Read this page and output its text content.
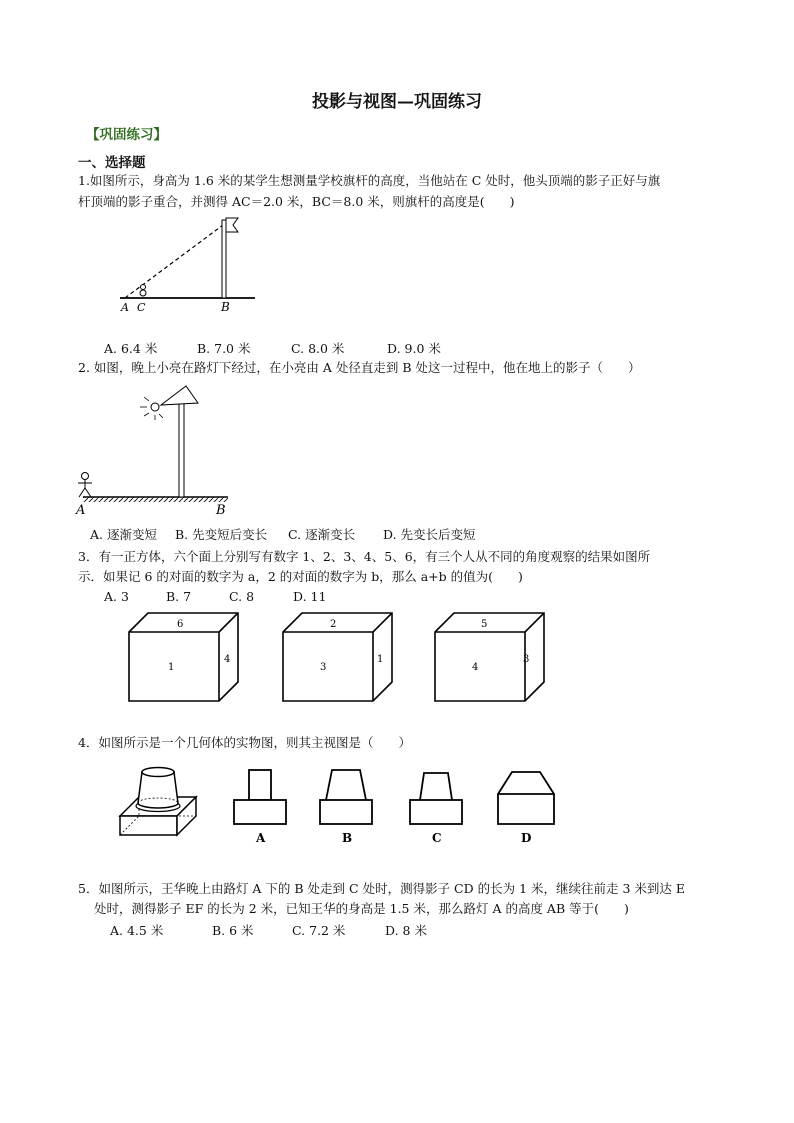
投影与视图—巩固练习
【巩固练习】
一、选择题
1.如图所示，身高为 1.6 米的某学生想测量学校旗杆的高度，当他站在 C 处时，他头顶端的影子正好与旗
杆顶端的影子重合，并测得 AC＝2.0 米，BC＝8.0 米，则旗杆的高度是(　　)
A C	B
A. 6.4 米	B. 7.0 米	C. 8.0 米	D. 9.0 米
2. 如图，晚上小亮在路灯下经过，在小亮由 A 处径直走到 B 处这一过程中，他在地上的影子（　　）
A	B
A. 逐渐变短 B. 先变短后变长 C. 逐渐变长 D. 先变长后变短
3．有一正方体，六个面上分别写有数字 1、2、3、4、5、6，有三个人从不同的角度观察的结果如图所
示．如果记 6 的对面的数字为 a，2 的对面的数字为 b，那么 a+b 的值为(　　)
A. 3	B. 7	C. 8	D. 11
6
1
4
2
3
1
5
4
3
4．如图所示是一个几何体的实物图，则其主视图是（　　）
A	B	C	D
5．如图所示，王华晚上由路灯 A 下的 B 处走到 C 处时，测得影子 CD 的长为 1 米，继续往前走 3 米到达 E
处时，测得影子 EF 的长为 2 米，已知王华的身高是 1.5 米，那么路灯 A 的高度 AB 等于(　　)
A. 4.5 米	B. 6 米	C. 7.2 米	D. 8 米
